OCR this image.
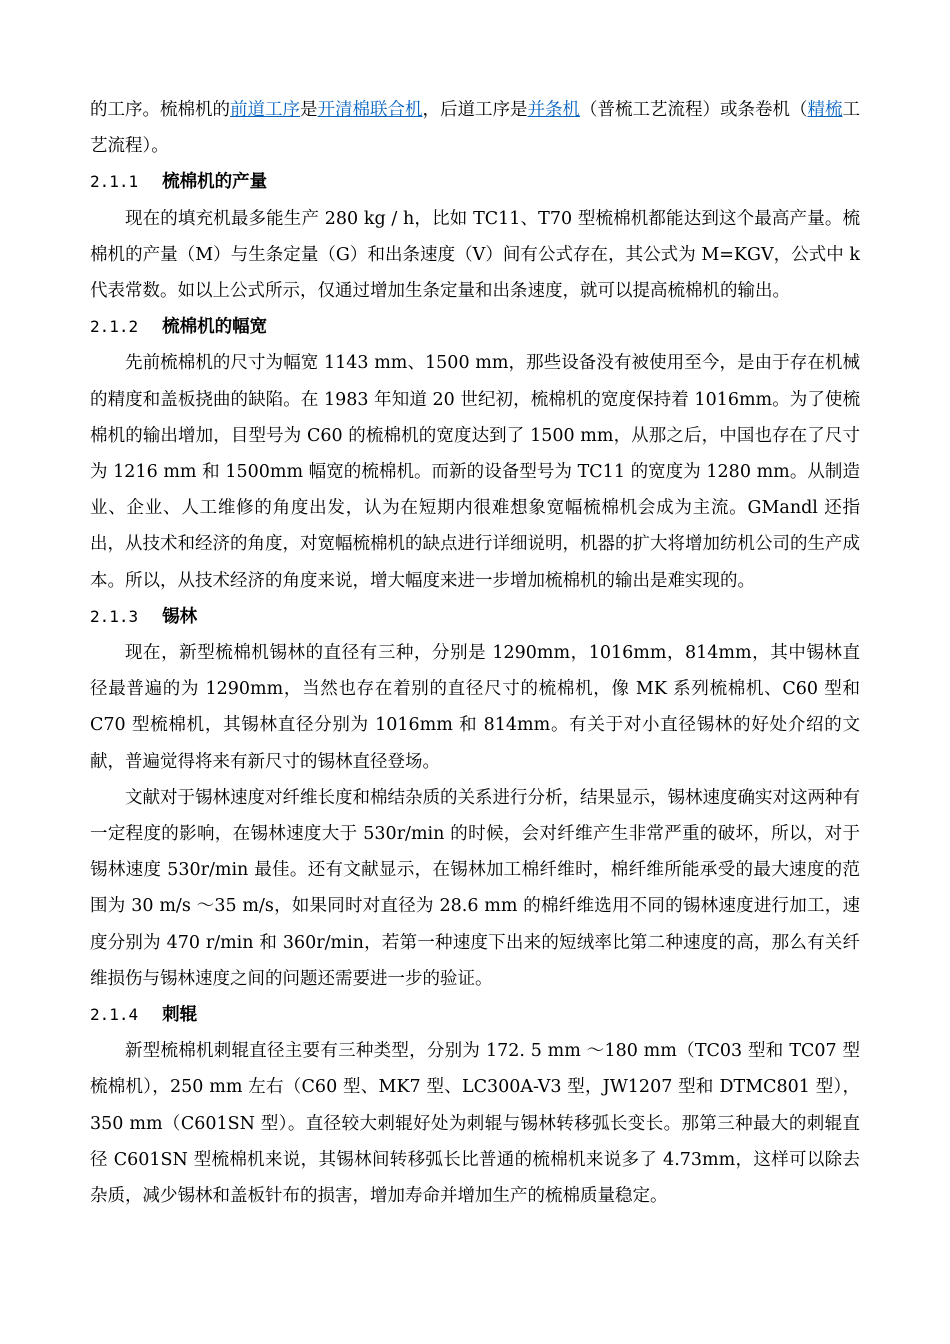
的工序。梳棉机的前道工序是开清棉联合机，后道工序是并条机（普梳工艺流程）或条卷机（精梳工艺流程）。

2.1.1 梳棉机的产量

现在的填充机最多能生产 280 kg / h，比如 TC11、T70 型梳棉机都能达到这个最高产量。梳棉机的产量（M）与生条定量（G）和出条速度（V）间有公式存在，其公式为 M=KGV，公式中 k 代表常数。如以上公式所示，仅通过增加生条定量和出条速度，就可以提高梳棉机的输出。

2.1.2 梳棉机的幅宽

先前梳棉机的尺寸为幅宽 1143 mm、1500 mm，那些设备没有被使用至今，是由于存在机械的精度和盖板挠曲的缺陷。在 1983 年知道 20 世纪初，梳棉机的宽度保持着 1016mm。为了使梳棉机的输出增加，目型号为 C60 的梳棉机的宽度达到了 1500 mm，从那之后，中国也存在了尺寸为 1216 mm 和 1500mm 幅宽的梳棉机。而新的设备型号为 TC11 的宽度为 1280 mm。从制造业、企业、人工维修的角度出发，认为在短期内很难想象宽幅梳棉机会成为主流。GMandl 还指出，从技术和经济的角度，对宽幅梳棉机的缺点进行详细说明，机器的扩大将增加纺机公司的生产成本。所以，从技术经济的角度来说，增大幅度来进一步增加梳棉机的输出是难实现的。

2.1.3 锡林

现在，新型梳棉机锡林的直径有三种，分别是 1290mm，1016mm，814mm，其中锡林直径最普遍的为 1290mm，当然也存在着别的直径尺寸的梳棉机，像 MK 系列梳棉机、C60 型和 C70 型梳棉机，其锡林直径分别为 1016mm 和 814mm。有关于对小直径锡林的好处介绍的文献，普遍觉得将来有新尺寸的锡林直径登场。

文献对于锡林速度对纤维长度和棉结杂质的关系进行分析，结果显示，锡林速度确实对这两种有一定程度的影响，在锡林速度大于 530r/min 的时候，会对纤维产生非常严重的破坏，所以，对于锡林速度 530r/min 最佳。还有文献显示，在锡林加工棉纤维时，棉纤维所能承受的最大速度的范围为 30 m/s ～35 m/s，如果同时对直径为 28.6 mm 的棉纤维选用不同的锡林速度进行加工，速度分别为 470 r/min 和 360r/min，若第一种速度下出来的短绒率比第二种速度的高，那么有关纤维损伤与锡林速度之间的问题还需要进一步的验证。

2.1.4 刺辊

新型梳棉机刺辊直径主要有三种类型，分别为 172. 5 mm ～180 mm（TC03 型和 TC07 型梳棉机），250 mm 左右（C60 型、MK7 型、LC300A-V3 型，JW1207 型和 DTMC801 型），350 mm（C601SN 型）。直径较大刺辊好处为刺辊与锡林转移弧长变长。那第三种最大的刺辊直径 C601SN 型梳棉机来说，其锡林间转移弧长比普通的梳棉机来说多了 4.73mm，这样可以除去杂质，减少锡林和盖板针布的损害，增加寿命并增加生产的梳棉质量稳定。
